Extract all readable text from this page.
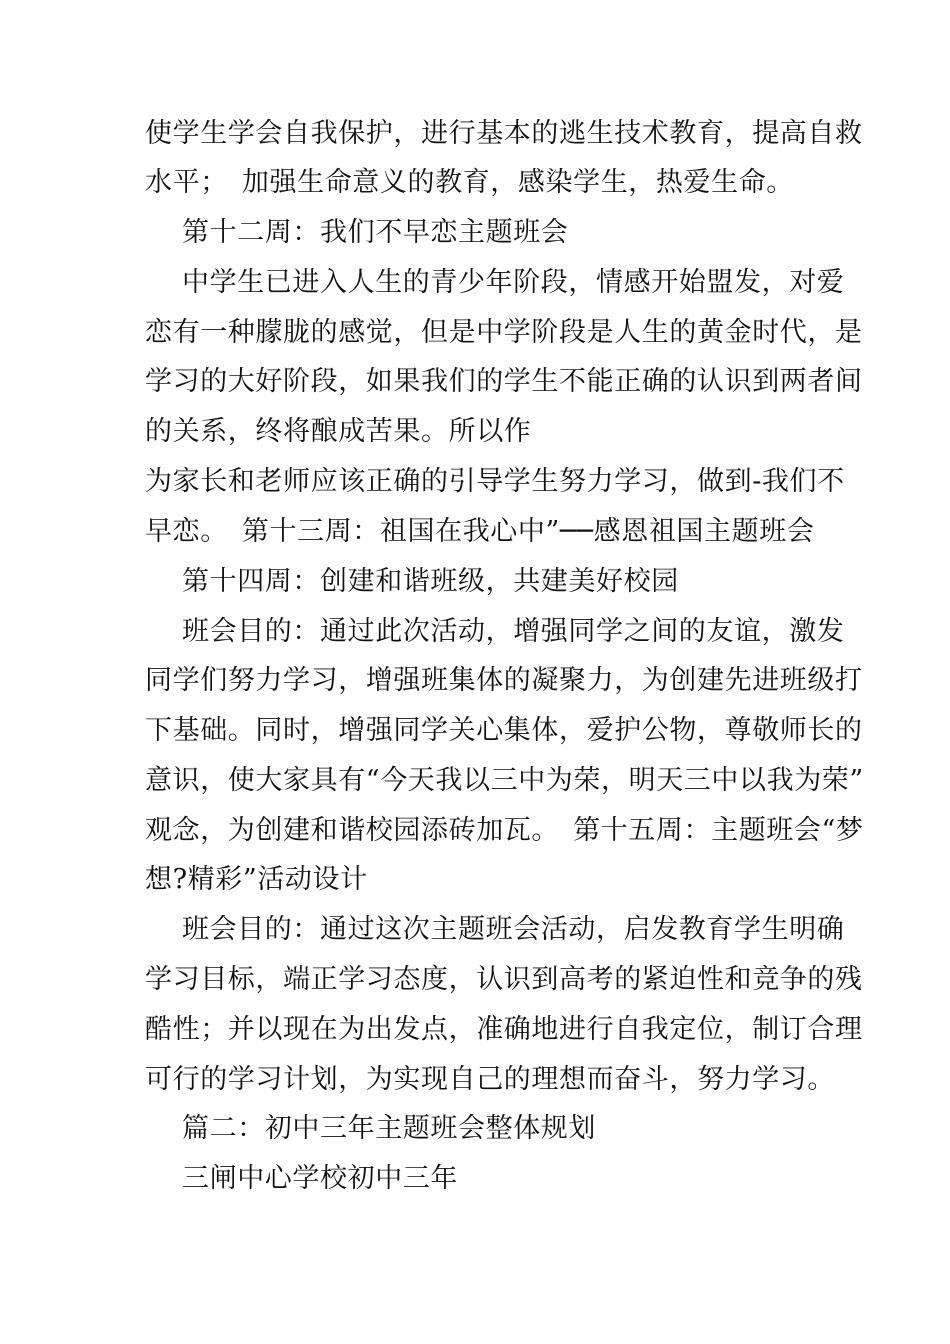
使学生学会自我保护，进行基本的逃生技术教育，提高自救
水平；　加强生命意义的教育，感染学生，热爱生命。
第十二周：我们不早恋主题班会
中学生已进入人生的青少年阶段，情感开始盟发，对爱
恋有一种朦胧的感觉，但是中学阶段是人生的黄金时代，是
学习的大好阶段，如果我们的学生不能正确的认识到两者间
的关系，终将酿成苦果。所以作
为家长和老师应该正确的引导学生努力学习，做到-我们不
早恋。　第十三周：祖国在我心中”──感恩祖国主题班会
第十四周：创建和谐班级，共建美好校园
班会目的：通过此次活动，增强同学之间的友谊，激发
同学们努力学习，增强班集体的凝聚力，为创建先进班级打
下基础。同时，增强同学关心集体，爱护公物，尊敬师长的
意识，使大家具有“今天我以三中为荣，明天三中以我为荣”
观念，为创建和谐校园添砖加瓦。　第十五周：主题班会“梦
想?精彩”活动设计
班会目的：通过这次主题班会活动，启发教育学生明确
学习目标，端正学习态度，认识到高考的紧迫性和竞争的残
酷性；并以现在为出发点，准确地进行自我定位，制订合理
可行的学习计划，为实现自己的理想而奋斗，努力学习。
篇二：初中三年主题班会整体规划
三闸中心学校初中三年
